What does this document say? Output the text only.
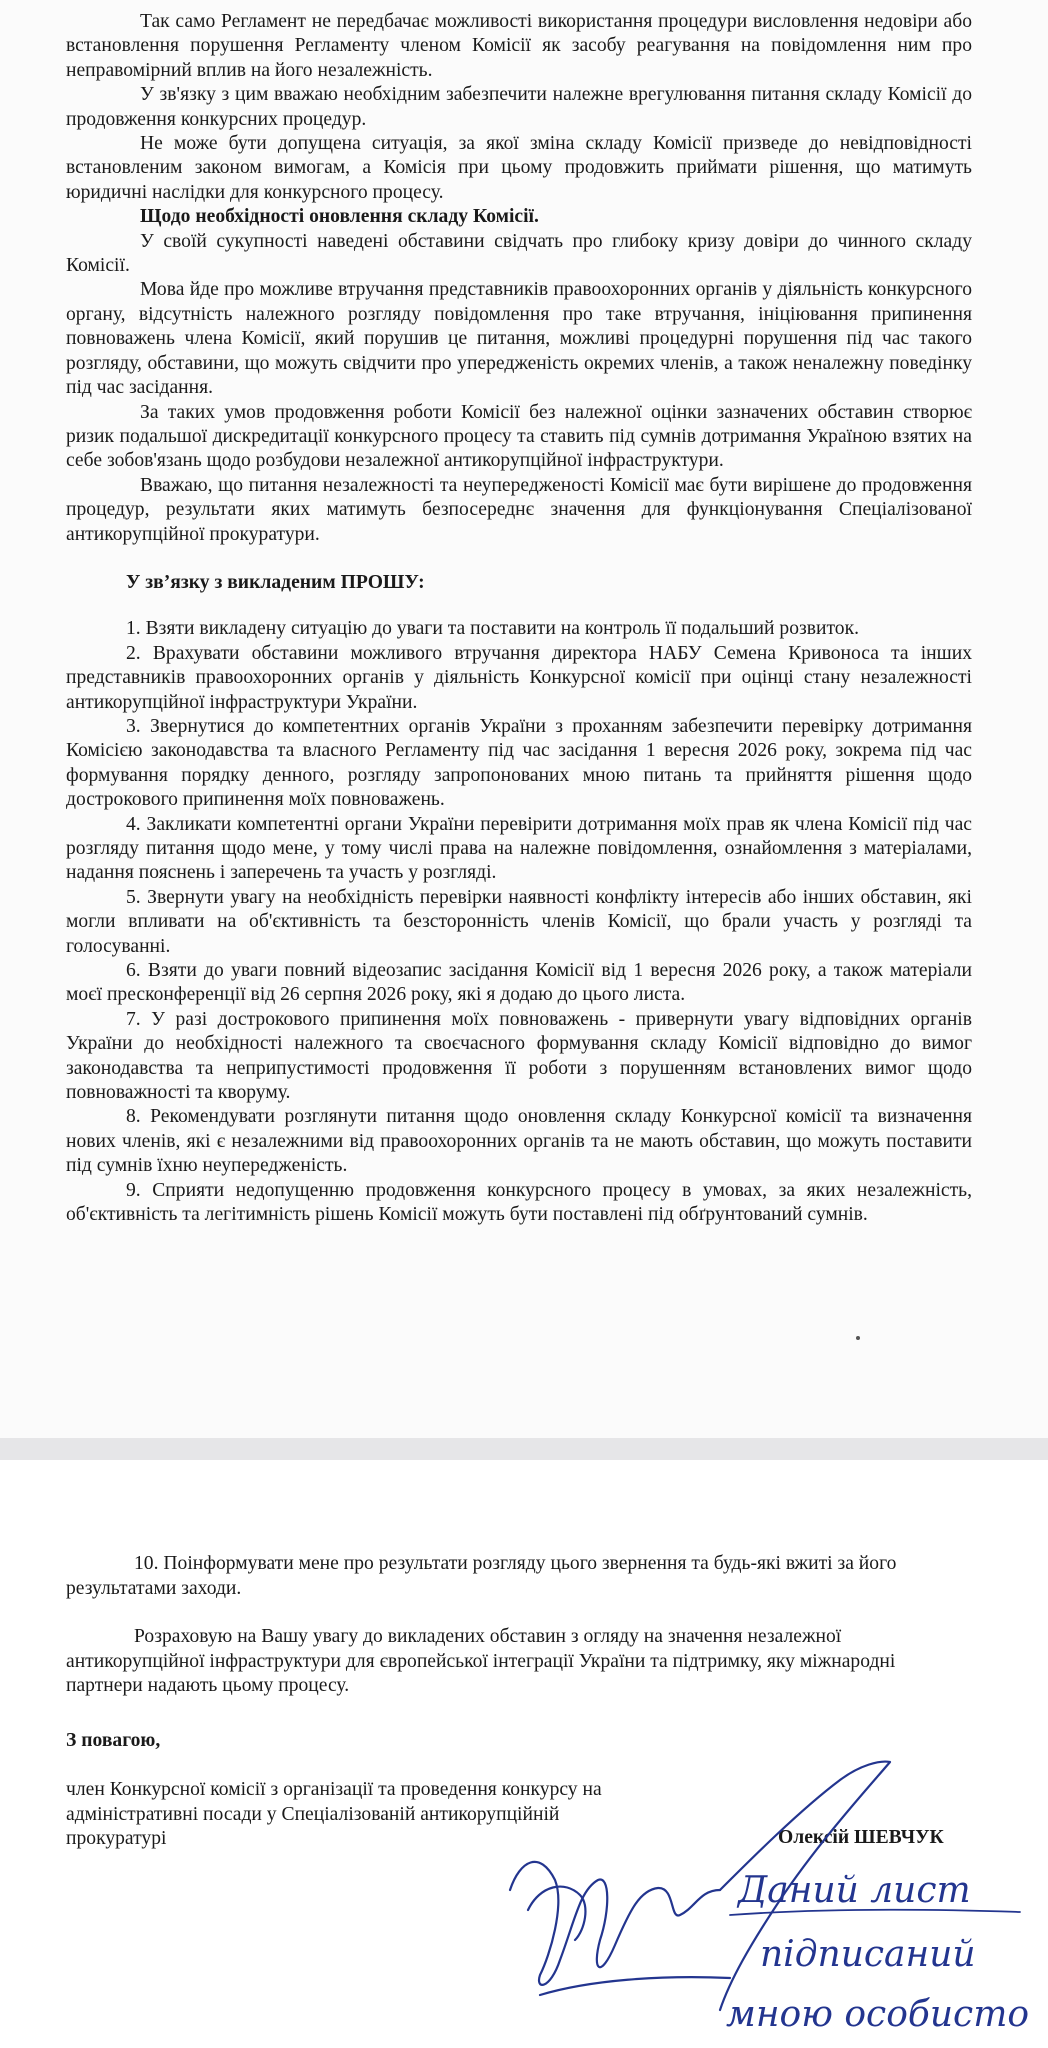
Так само Регламент не передбачає можливості використання процедури висловлення недовіри або встановлення порушення Регламенту членом Комісії як засобу реагування на повідомлення ним про неправомірний вплив на його незалежність.

У зв'язку з цим вважаю необхідним забезпечити належне врегулювання питання складу Комісії до продовження конкурсних процедур.

Не може бути допущена ситуація, за якої зміна складу Комісії призведе до невідповідності встановленим законом вимогам, а Комісія при цьому продовжить приймати рішення, що матимуть юридичні наслідки для конкурсного процесу.

Щодо необхідності оновлення складу Комісії.

У своїй сукупності наведені обставини свідчать про глибоку кризу довіри до чинного складу Комісії.

Мова йде про можливе втручання представників правоохоронних органів у діяльність конкурсного органу, відсутність належного розгляду повідомлення про таке втручання, ініціювання припинення повноважень члена Комісії, який порушив це питання, можливі процедурні порушення під час такого розгляду, обставини, що можуть свідчити про упередженість окремих членів, а також неналежну поведінку під час засідання.

За таких умов продовження роботи Комісії без належної оцінки зазначених обставин створює ризик подальшої дискредитації конкурсного процесу та ставить під сумнів дотримання Україною взятих на себе зобов'язань щодо розбудови незалежної антикорупційної інфраструктури.

Вважаю, що питання незалежності та неупередженості Комісії має бути вирішене до продовження процедур, результати яких матимуть безпосереднє значення для функціонування Спеціалізованої антикорупційної прокуратури.

У зв’язку з викладеним ПРОШУ:

1. Взяти викладену ситуацію до уваги та поставити на контроль її подальший розвиток.
2. Врахувати обставини можливого втручання директора НАБУ Семена Кривоноса та інших представників правоохоронних органів у діяльність Конкурсної комісії при оцінці стану незалежності антикорупційної інфраструктури України.
3. Звернутися до компетентних органів України з проханням забезпечити перевірку дотримання Комісією законодавства та власного Регламенту під час засідання 1 вересня 2026 року, зокрема під час формування порядку денного, розгляду запропонованих мною питань та прийняття рішення щодо дострокового припинення моїх повноважень.
4. Закликати компетентні органи України перевірити дотримання моїх прав як члена Комісії під час розгляду питання щодо мене, у тому числі права на належне повідомлення, ознайомлення з матеріалами, надання пояснень і заперечень та участь у розгляді.
5. Звернути увагу на необхідність перевірки наявності конфлікту інтересів або інших обставин, які могли впливати на об'єктивність та безсторонність членів Комісії, що брали участь у розгляді та голосуванні.
6. Взяти до уваги повний відеозапис засідання Комісії від 1 вересня 2026 року, а також матеріали моєї пресконференції від 26 серпня 2026 року, які я додаю до цього листа.
7. У разі дострокового припинення моїх повноважень - привернути увагу відповідних органів України до необхідності належного та своєчасного формування складу Комісії відповідно до вимог законодавства та неприпустимості продовження її роботи з порушенням встановлених вимог щодо повноважності та кворуму.
8. Рекомендувати розглянути питання щодо оновлення складу Конкурсної комісії та визначення нових членів, які є незалежними від правоохоронних органів та не мають обставин, що можуть поставити під сумнів їхню неупередженість.
9. Сприяти недопущенню продовження конкурсного процесу в умовах, за яких незалежність, об'єктивність та легітимність рішень Комісії можуть бути поставлені під обґрунтований сумнів.

10. Поінформувати мене про результати розгляду цього звернення та будь-які вжиті за його результатами заходи.

Розраховую на Вашу увагу до викладених обставин з огляду на значення незалежної антикорупційної інфраструктури для європейської інтеграції України та підтримку, яку міжнародні партнери надають цьому процесу.

З повагою,

член Конкурсної комісії з організації та проведення конкурсу на адміністративні посади у Спеціалізованій антикорупційній прокуратурі	Олексій ШЕВЧУК
Даний лист
підписаний
мною особисто
